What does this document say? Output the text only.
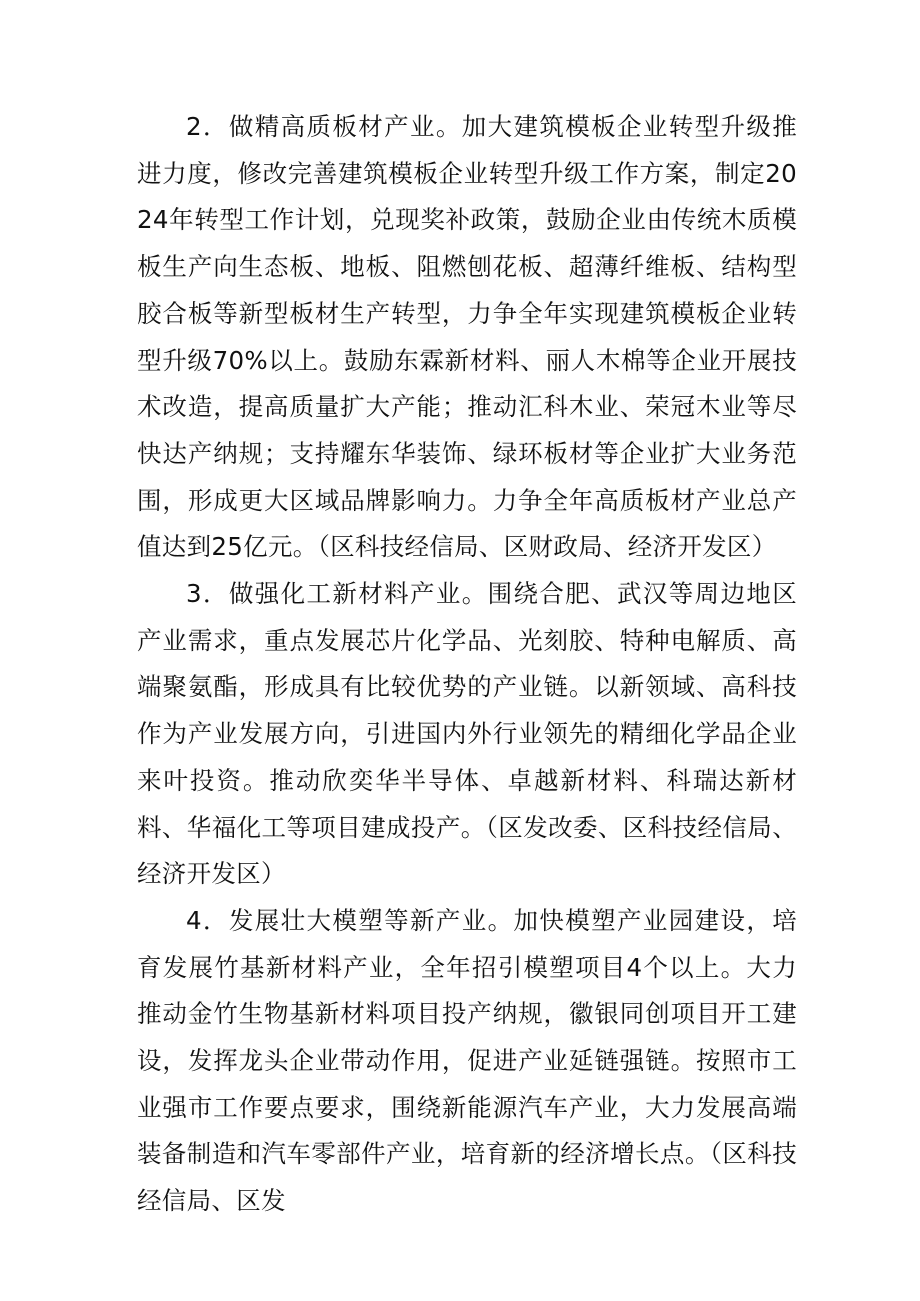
2．做精高质板材产业。加大建筑模板企业转型升级推进力度，修改完善建筑模板企业转型升级工作方案，制定2024年转型工作计划，兑现奖补政策，鼓励企业由传统木质模板生产向生态板、地板、阻燃刨花板、超薄纤维板、结构型胶合板等新型板材生产转型，力争全年实现建筑模板企业转型升级70%以上。鼓励东霖新材料、丽人木棉等企业开展技术改造，提高质量扩大产能；推动汇科木业、荣冠木业等尽快达产纳规；支持耀东华装饰、绿环板材等企业扩大业务范围，形成更大区域品牌影响力。力争全年高质板材产业总产值达到25亿元。（区科技经信局、区财政局、经济开发区）

3．做强化工新材料产业。围绕合肥、武汉等周边地区产业需求，重点发展芯片化学品、光刻胶、特种电解质、高端聚氨酯，形成具有比较优势的产业链。以新领域、高科技作为产业发展方向，引进国内外行业领先的精细化学品企业来叶投资。推动欣奕华半导体、卓越新材料、科瑞达新材料、华福化工等项目建成投产。（区发改委、区科技经信局、经济开发区）

4．发展壮大模塑等新产业。加快模塑产业园建设，培育发展竹基新材料产业，全年招引模塑项目4个以上。大力推动金竹生物基新材料项目投产纳规，徽银同创项目开工建设，发挥龙头企业带动作用，促进产业延链强链。按照市工业强市工作要点要求，围绕新能源汽车产业，大力发展高端装备制造和汽车零部件产业，培育新的经济增长点。（区科技经信局、区发
